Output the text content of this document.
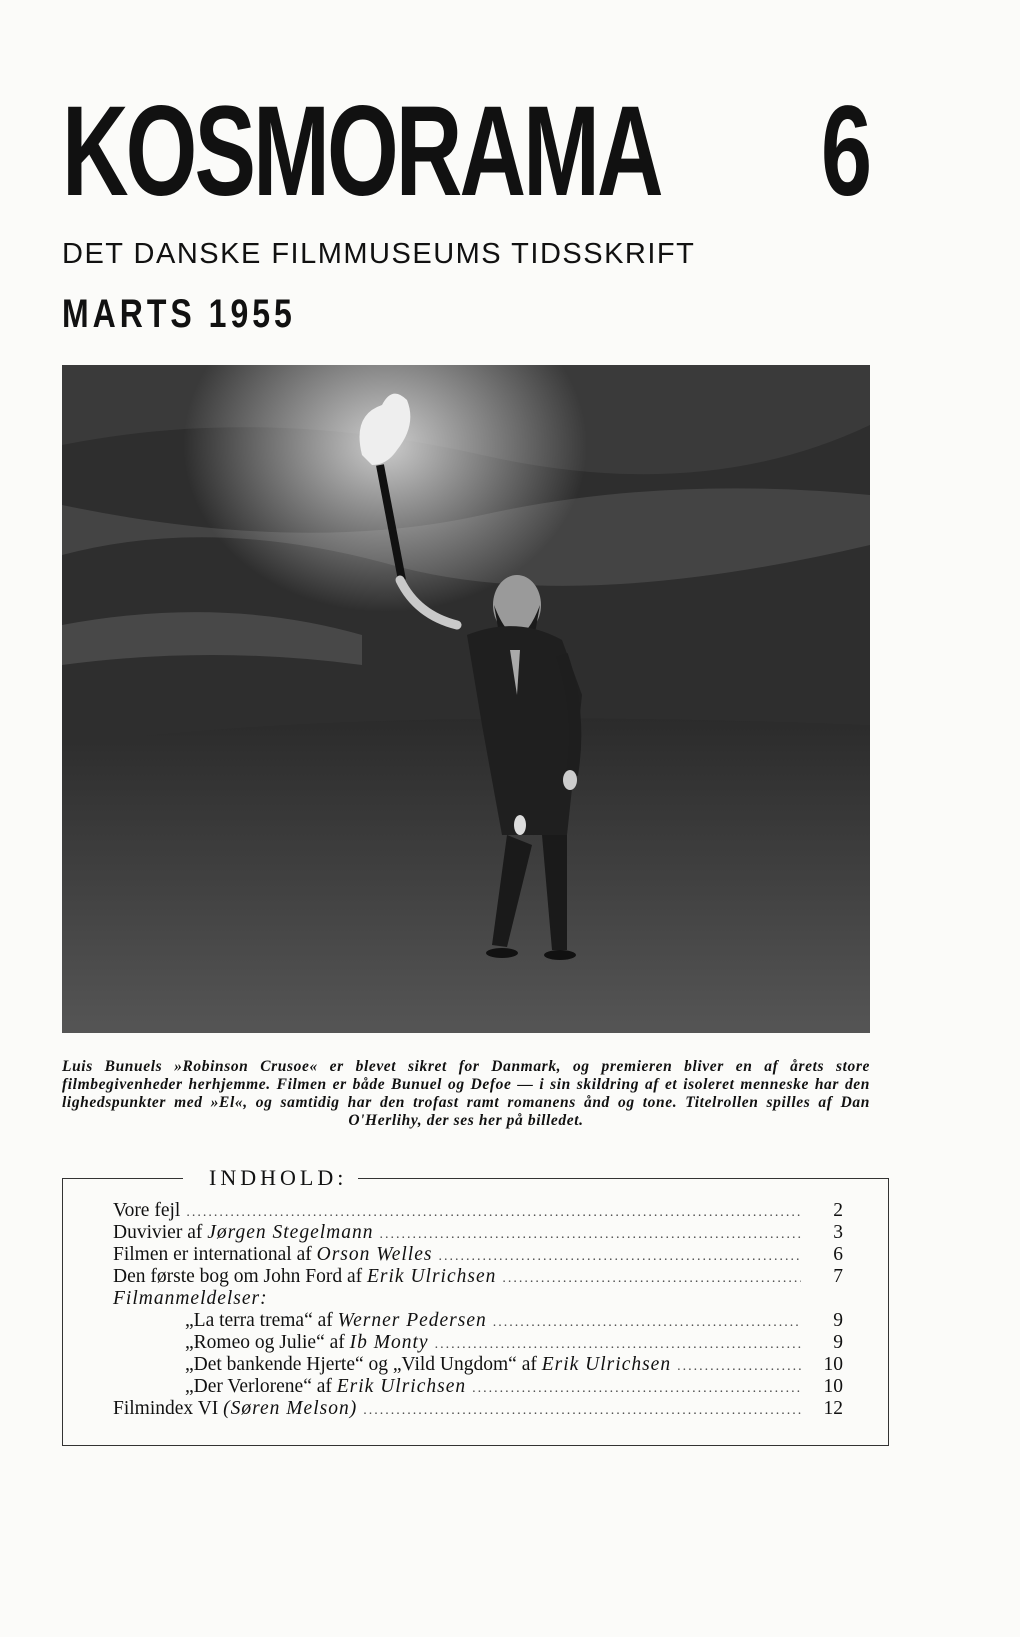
KOSMORAMA 6
DET DANSKE FILMMUSEUMS TIDSSKRIFT
MARTS 1955
Luis Bunuels »Robinson Crusoe« er blevet sikret for Danmark, og premieren bliver en af årets store filmbegivenheder herhjemme. Filmen er både Bunuel og Defoe — i sin skildring af et isoleret menneske har den lighedspunkter med »El«, og samtidig har den trofast ramt romanens ånd og tone. Titelrollen spilles af Dan O'Herlihy, der ses her på billedet.
INDHOLD:
Vore fejl .....	2
Duvivier af Jørgen Stegelmann .....	3
Filmen er international af Orson Welles .....	6
Den første bog om John Ford af Erik Ulrichsen .....	7
Filmanmeldelser:
„La terra trema“ af Werner Pedersen .....	9
„Romeo og Julie“ af Ib Monty .....	9
„Det bankende Hjerte“ og „Vild Ungdom“ af Erik Ulrichsen .....	10
„Der Verlorene“ af Erik Ulrichsen .....	10
Filmindex VI (Søren Melson) .....	12
